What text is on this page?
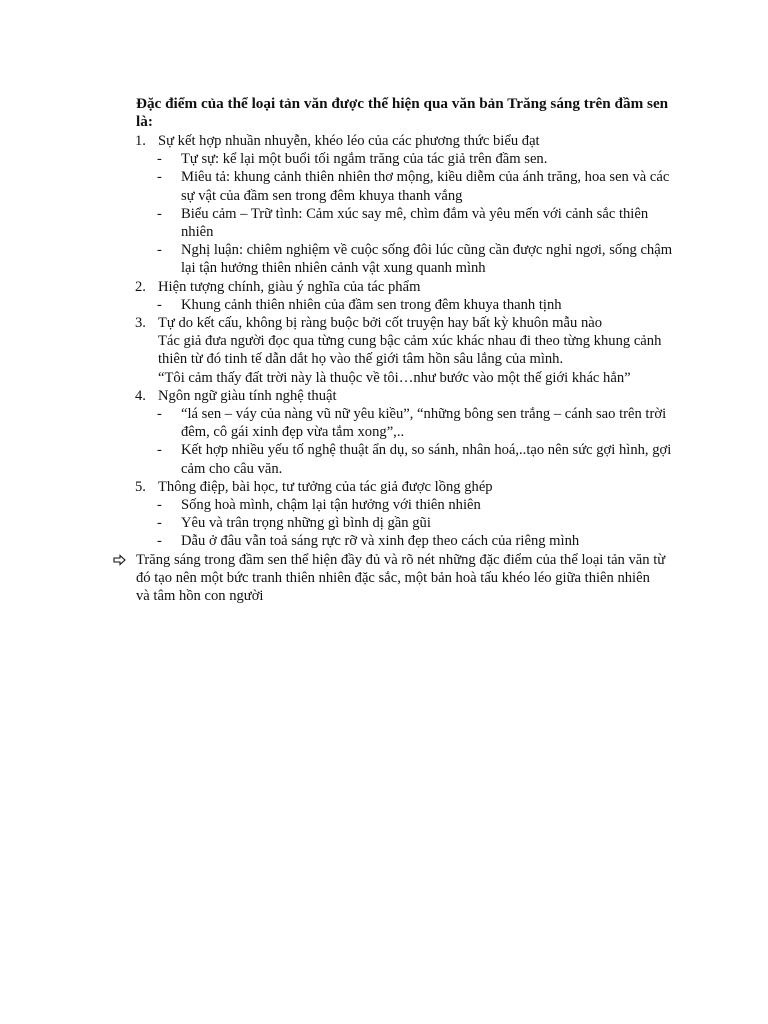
Đặc điểm của thể loại tản văn được thể hiện qua văn bản Trăng sáng trên đầm sen là:
1. Sự kết hợp nhuần nhuyễn, khéo léo của các phương thức biểu đạt
- Tự sự: kể lại một buổi tối ngắm trăng của tác giả trên đầm sen.
- Miêu tả: khung cảnh thiên nhiên thơ mộng, kiều diễm của ánh trăng, hoa sen và các sự vật của đầm sen trong đêm khuya thanh vắng
- Biểu cảm – Trữ tình: Cảm xúc say mê, chìm đắm và yêu mến với cảnh sắc thiên nhiên
- Nghị luận: chiêm nghiệm về cuộc sống đôi lúc cũng cần được nghỉ ngơi, sống chậm lại tận hưởng thiên nhiên cảnh vật xung quanh mình
2. Hiện tượng chính, giàu ý nghĩa của tác phẩm
- Khung cảnh thiên nhiên của đầm sen trong đêm khuya thanh tịnh
3. Tự do kết cấu, không bị ràng buộc bởi cốt truyện hay bất kỳ khuôn mẫu nào
Tác giả đưa người đọc qua từng cung bậc cảm xúc khác nhau đi theo từng khung cảnh thiên từ đó tinh tế dẫn dắt họ vào thế giới tâm hồn sâu lắng của mình.
“Tôi cảm thấy đất trời này là thuộc về tôi…như bước vào một thế giới khác hẳn”
4. Ngôn ngữ giàu tính nghệ thuật
- “lá sen – váy của nàng vũ nữ yêu kiều”, “những bông sen trắng – cánh sao trên trời đêm, cô gái xinh đẹp vừa tắm xong”,..
- Kết hợp nhiều yếu tố nghệ thuật ẩn dụ, so sánh, nhân hoá,..tạo nên sức gợi hình, gợi cảm cho câu văn.
5. Thông điệp, bài học, tư tưởng của tác giả được lồng ghép
- Sống hoà mình, chậm lại tận hưởng với thiên nhiên
- Yêu và trân trọng những gì bình dị gần gũi
- Dẫu ở đâu vẫn toả sáng rực rỡ và xinh đẹp theo cách của riêng mình
Trăng sáng trong đầm sen thể hiện đầy đủ và rõ nét những đặc điểm của thể loại tản văn từ đó tạo nên một bức tranh thiên nhiên đặc sắc, một bản hoà tấu khéo léo giữa thiên nhiên và tâm hồn con người
